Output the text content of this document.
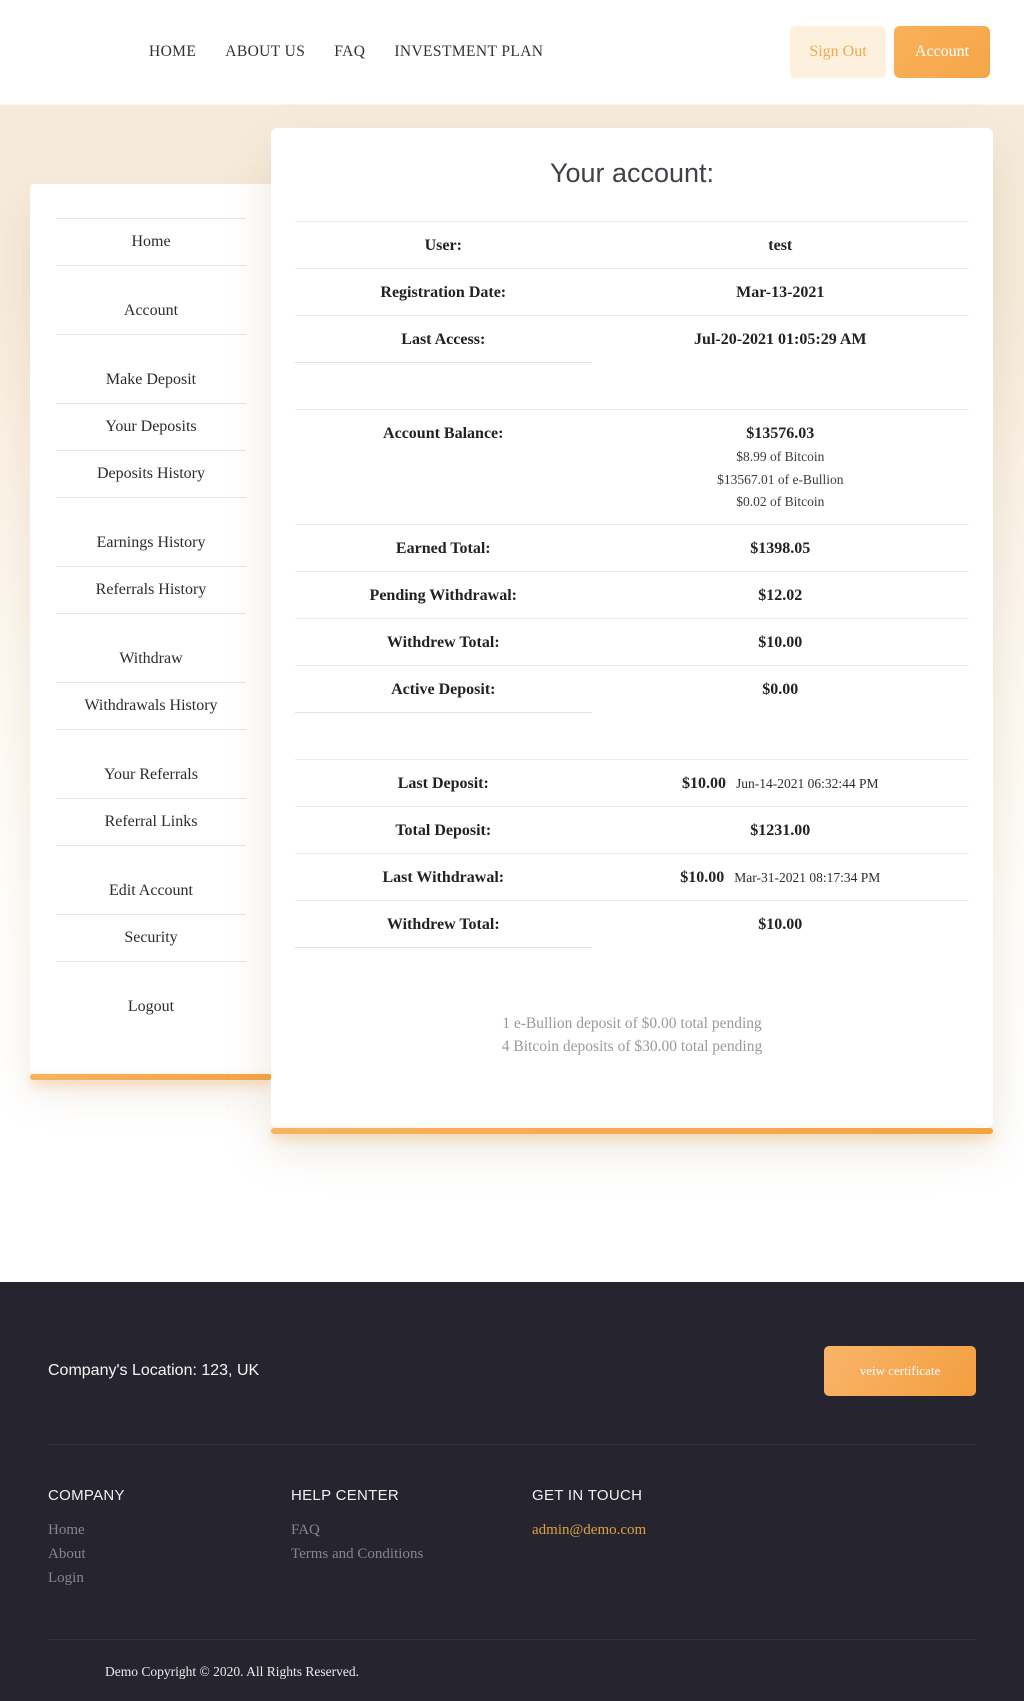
HOME ABOUT US FAQ INVESTMENT PLAN	Sign Out	Account
Home
Account
Make Deposit
Your Deposits
Deposits History
Earnings History
Referrals History
Withdraw
Withdrawals History
Your Referrals
Referral Links
Edit Account
Security
Logout
Your account:
User:	test
Registration Date:	Mar-13-2021
Last Access:	Jul-20-2021 01:05:29 AM
Account Balance:	$13576.03
$8.99 of Bitcoin
$13567.01 of e-Bullion
$0.02 of Bitcoin
Earned Total:	$1398.05
Pending Withdrawal:	$12.02
Withdrew Total:	$10.00
Active Deposit:	$0.00
Last Deposit:	$10.00 Jun-14-2021 06:32:44 PM
Total Deposit:	$1231.00
Last Withdrawal:	$10.00 Mar-31-2021 08:17:34 PM
Withdrew Total:	$10.00
1 e-Bullion deposit of $0.00 total pending
4 Bitcoin deposits of $30.00 total pending
Company's Location: 123, UK	veiw certificate
COMPANY
Home
About
Login
HELP CENTER
FAQ
Terms and Conditions
GET IN TOUCH
admin@demo.com
Demo Copyright © 2020. All Rights Reserved.
